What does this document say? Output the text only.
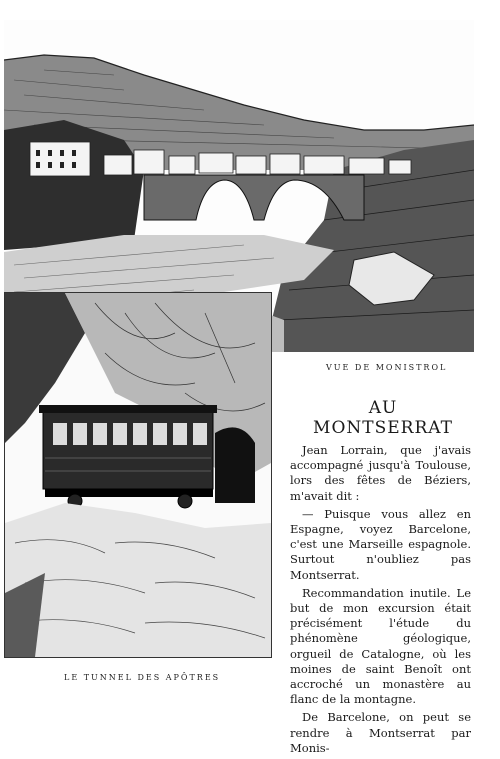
VUE DE MONISTROL
LE TUNNEL DES APÔTRES
AU MONTSERRAT

Jean Lorrain, que j'avais accompagné jusqu'à Toulouse, lors des fêtes de Béziers, m'avait dit :

— Puisque vous allez en Espagne, voyez Barcelone, c'est une Marseille espagnole. Surtout n'oubliez pas Montserrat.

Recommandation inutile. Le but de mon excursion était précisément l'étude du phénomène géologique, orgueil de Catalogne, où les moines de saint Benoît ont accroché un monastère au flanc de la montagne.

De Barcelone, on peut se rendre à Montserrat par Monis-
